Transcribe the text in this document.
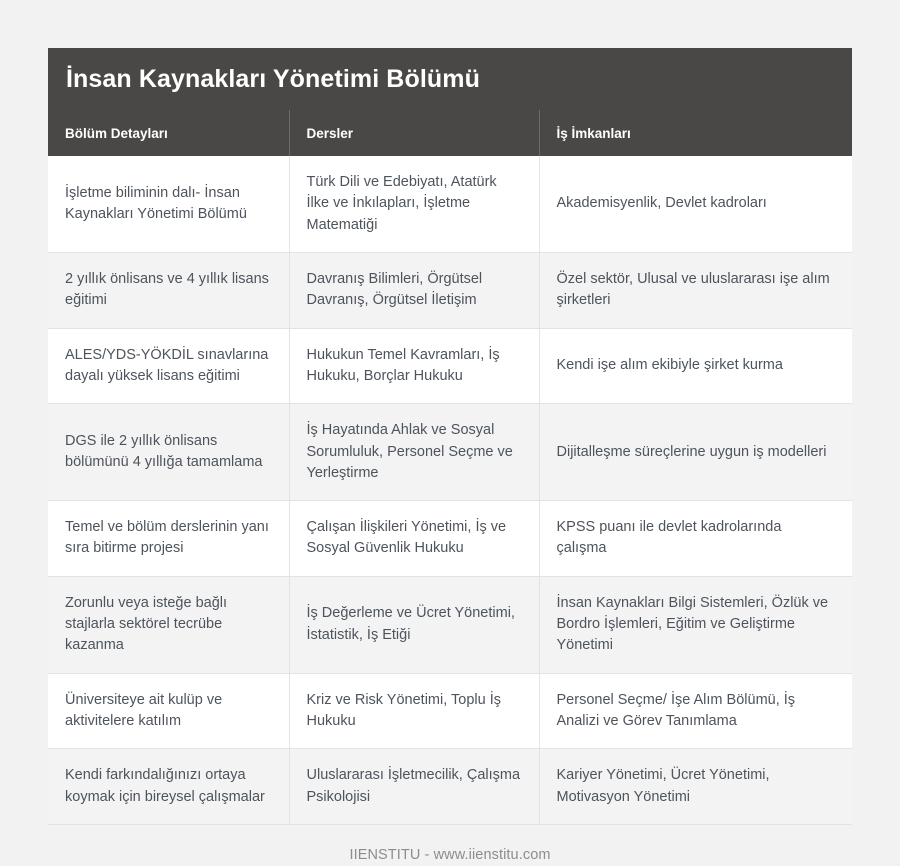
İnsan Kaynakları Yönetimi Bölümü
Bölüm Detayları	Dersler	İş İmkanları
İşletme biliminin dalı- İnsan Kaynakları Yönetimi Bölümü	Türk Dili ve Edebiyatı, Atatürk İlke ve İnkılapları, İşletme Matematiği	Akademisyenlik, Devlet kadroları
2 yıllık önlisans ve 4 yıllık lisans eğitimi	Davranış Bilimleri, Örgütsel Davranış, Örgütsel İletişim	Özel sektör, Ulusal ve uluslararası işe alım şirketleri
ALES/YDS-YÖKDİL sınavlarına dayalı yüksek lisans eğitimi	Hukukun Temel Kavramları, İş Hukuku, Borçlar Hukuku	Kendi işe alım ekibiyle şirket kurma
DGS ile 2 yıllık önlisans bölümünü 4 yıllığa tamamlama	İş Hayatında Ahlak ve Sosyal Sorumluluk, Personel Seçme ve Yerleştirme	Dijitalleşme süreçlerine uygun iş modelleri
Temel ve bölüm derslerinin yanı sıra bitirme projesi	Çalışan İlişkileri Yönetimi, İş ve Sosyal Güvenlik Hukuku	KPSS puanı ile devlet kadrolarında çalışma
Zorunlu veya isteğe bağlı stajlarla sektörel tecrübe kazanma	İş Değerleme ve Ücret Yönetimi, İstatistik, İş Etiği	İnsan Kaynakları Bilgi Sistemleri, Özlük ve Bordro İşlemleri, Eğitim ve Geliştirme Yönetimi
Üniversiteye ait kulüp ve aktivitelere katılım	Kriz ve Risk Yönetimi, Toplu İş Hukuku	Personel Seçme/ İşe Alım Bölümü, İş Analizi ve Görev Tanımlama
Kendi farkındalığınızı ortaya koymak için bireysel çalışmalar	Uluslararası İşletmecilik, Çalışma Psikolojisi	Kariyer Yönetimi, Ücret Yönetimi, Motivasyon Yönetimi
IIENSTITU - www.iienstitu.com
